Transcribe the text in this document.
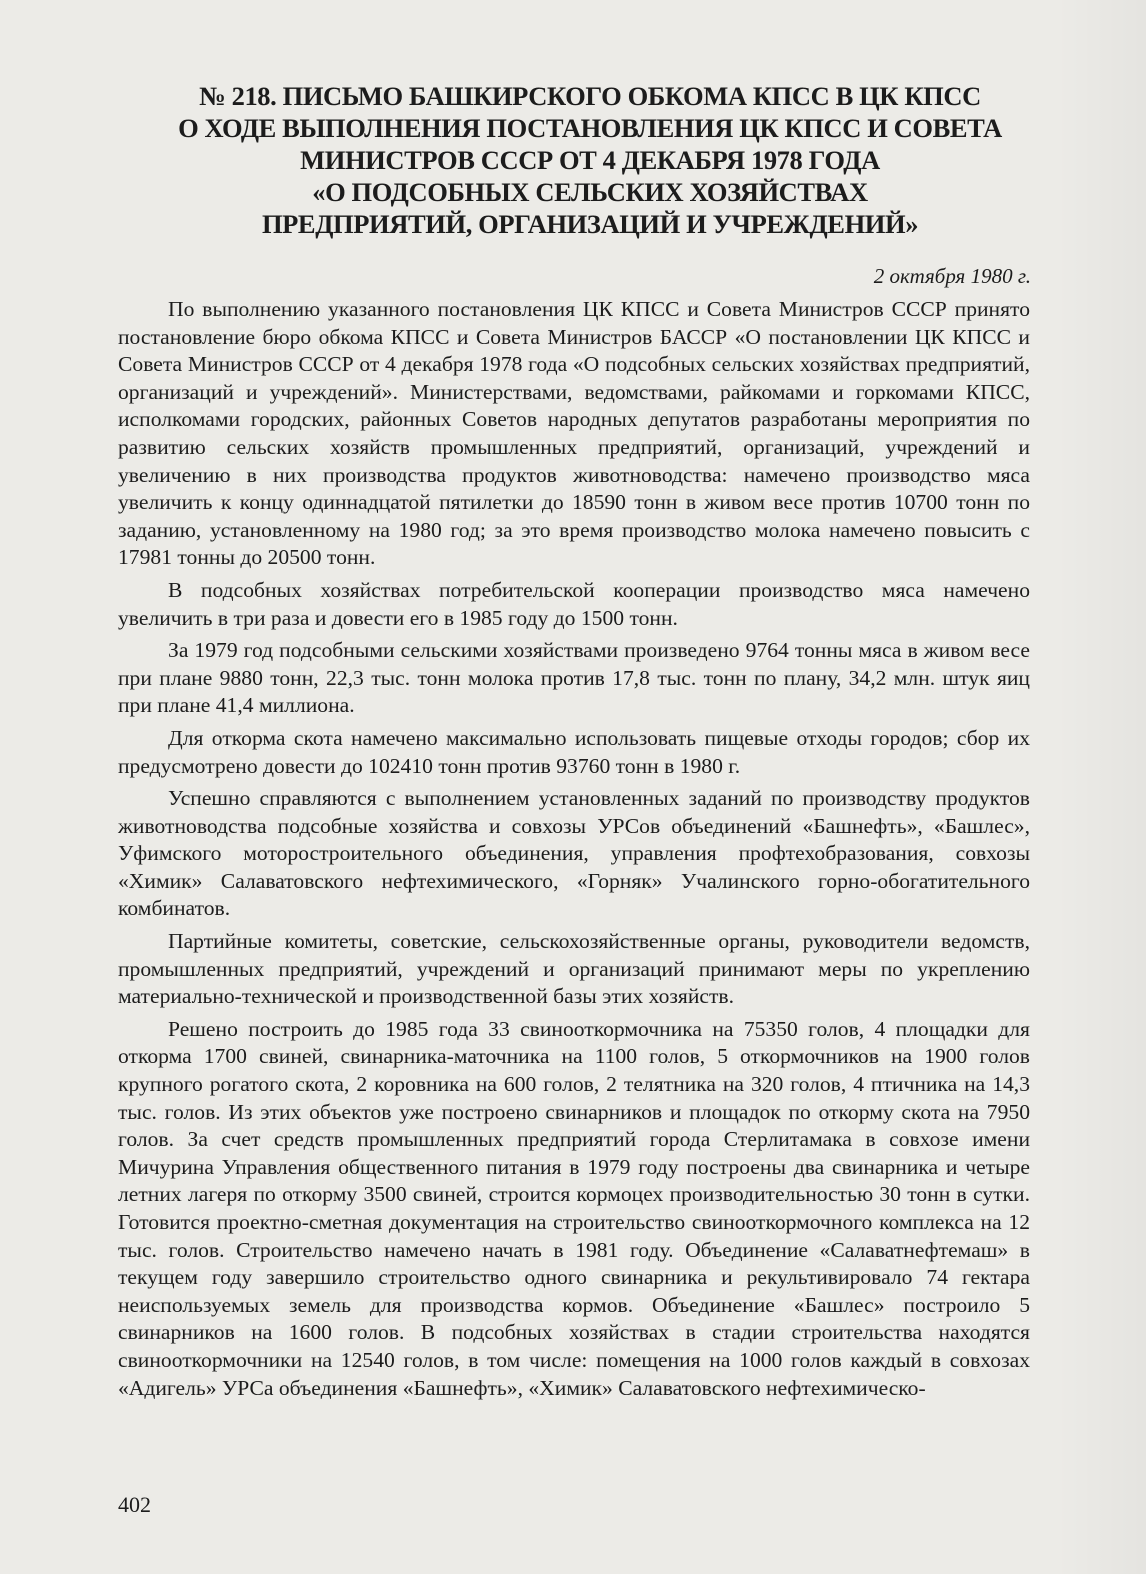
№ 218. ПИСЬМО БАШКИРСКОГО ОБКОМА КПСС В ЦК КПСС
О ХОДЕ ВЫПОЛНЕНИЯ ПОСТАНОВЛЕНИЯ ЦК КПСС И СОВЕТА
МИНИСТРОВ СССР ОТ 4 ДЕКАБРЯ 1978 ГОДА
«О ПОДСОБНЫХ СЕЛЬСКИХ ХОЗЯЙСТВАХ
ПРЕДПРИЯТИЙ, ОРГАНИЗАЦИЙ И УЧРЕЖДЕНИЙ»
2 октября 1980 г.

По выполнению указанного постановления ЦК КПСС и Совета Министров СССР принято постановление бюро обкома КПСС и Совета Министров БАССР «О постановлении ЦК КПСС и Совета Министров СССР от 4 декабря 1978 года «О подсобных сельских хозяйствах предприятий, организаций и учреждений». Министерствами, ведомствами, райкомами и горкомами КПСС, исполкомами городских, районных Советов народных депутатов разработаны мероприятия по развитию сельских хозяйств промышленных предприятий, организаций, учреждений и увеличению в них производства продуктов животноводства: намечено производство мяса увеличить к концу одиннадцатой пятилетки до 18590 тонн в живом весе против 10700 тонн по заданию, установленному на 1980 год; за это время производство молока намечено повысить с 17981 тонны до 20500 тонн.

В подсобных хозяйствах потребительской кооперации производство мяса намечено увеличить в три раза и довести его в 1985 году до 1500 тонн.

За 1979 год подсобными сельскими хозяйствами произведено 9764 тонны мяса в живом весе при плане 9880 тонн, 22,3 тыс. тонн молока против 17,8 тыс. тонн по плану, 34,2 млн. штук яиц при плане 41,4 миллиона.

Для откорма скота намечено максимально использовать пищевые отходы городов; сбор их предусмотрено довести до 102410 тонн против 93760 тонн в 1980 г.

Успешно справляются с выполнением установленных заданий по производству продуктов животноводства подсобные хозяйства и совхозы УРСов объединений «Башнефть», «Башлес», Уфимского моторостроительного объединения, управления профтехобразования, совхозы «Химик» Салаватовского нефтехимического, «Горняк» Учалинского горно-обогатительного комбинатов.

Партийные комитеты, советские, сельскохозяйственные органы, руководители ведомств, промышленных предприятий, учреждений и организаций принимают меры по укреплению материально-технической и производственной базы этих хозяйств.

Решено построить до 1985 года 33 свинооткормочника на 75350 голов, 4 площадки для откорма 1700 свиней, свинарника-маточника на 1100 голов, 5 откормочников на 1900 голов крупного рогатого скота, 2 коровника на 600 голов, 2 телятника на 320 голов, 4 птичника на 14,3 тыс. голов. Из этих объектов уже построено свинарников и площадок по откорму скота на 7950 голов. За счет средств промышленных предприятий города Стерлитамака в совхозе имени Мичурина Управления общественного питания в 1979 году построены два свинарника и четыре летних лагеря по откорму 3500 свиней, строится кормоцех производительностью 30 тонн в сутки. Готовится проектно-сметная документация на строительство свинооткормочного комплекса на 12 тыс. голов. Строительство намечено начать в 1981 году. Объединение «Салаватнефтемаш» в текущем году завершило строительство одного свинарника и рекультивировало 74 гектара неиспользуемых земель для производства кормов. Объединение «Башлес» построило 5 свинарников на 1600 голов. В подсобных хозяйствах в стадии строительства находятся свинооткормочники на 12540 голов, в том числе: помещения на 1000 голов каждый в совхозах «Адигель» УРСа объединения «Башнефть», «Химик» Салаватовского нефтехимическо-

402
